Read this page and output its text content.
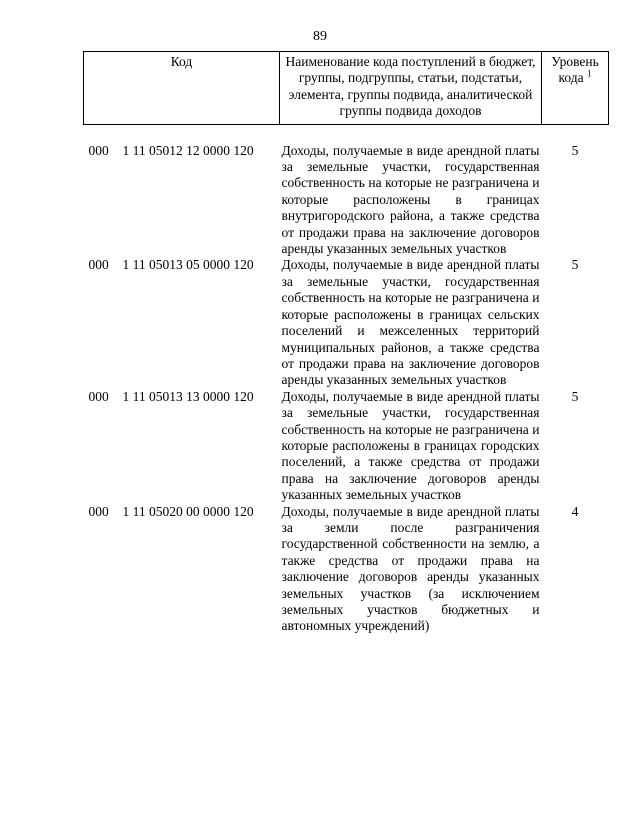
89
Код		Наименование кода поступлений в бюджет, группы, подгруппы, статьи, подстатьи, элемента, группы подвида, аналитической группы подвида доходов	Уровень кода $^1$
000	1 11 05012 12 0000 120	Доходы, получаемые в виде арендной платы за земельные участки, государственная собственность на которые не разграничена и которые расположены в границах внутригородского района, а также средства от продажи права на заключение договоров аренды указанных земельных участков	5
000	1 11 05013 05 0000 120	Доходы, получаемые в виде арендной платы за земельные участки, государственная собственность на которые не разграничена и которые расположены в границах сельских поселений и межселенных территорий муниципальных районов, а также средства от продажи права на заключение договоров аренды указанных земельных участков	5
000	1 11 05013 13 0000 120	Доходы, получаемые в виде арендной платы за земельные участки, государственная собственность на которые не разграничена и которые расположены в границах городских поселений, а также средства от продажи права на заключение договоров аренды указанных земельных участков	5
000	1 11 05020 00 0000 120	Доходы, получаемые в виде арендной платы за земли после разграничения государственной собственности на землю, а также средства от продажи права на заключение договоров аренды указанных земельных участков (за исключением земельных участков бюджетных и автономных учреждений)	4
